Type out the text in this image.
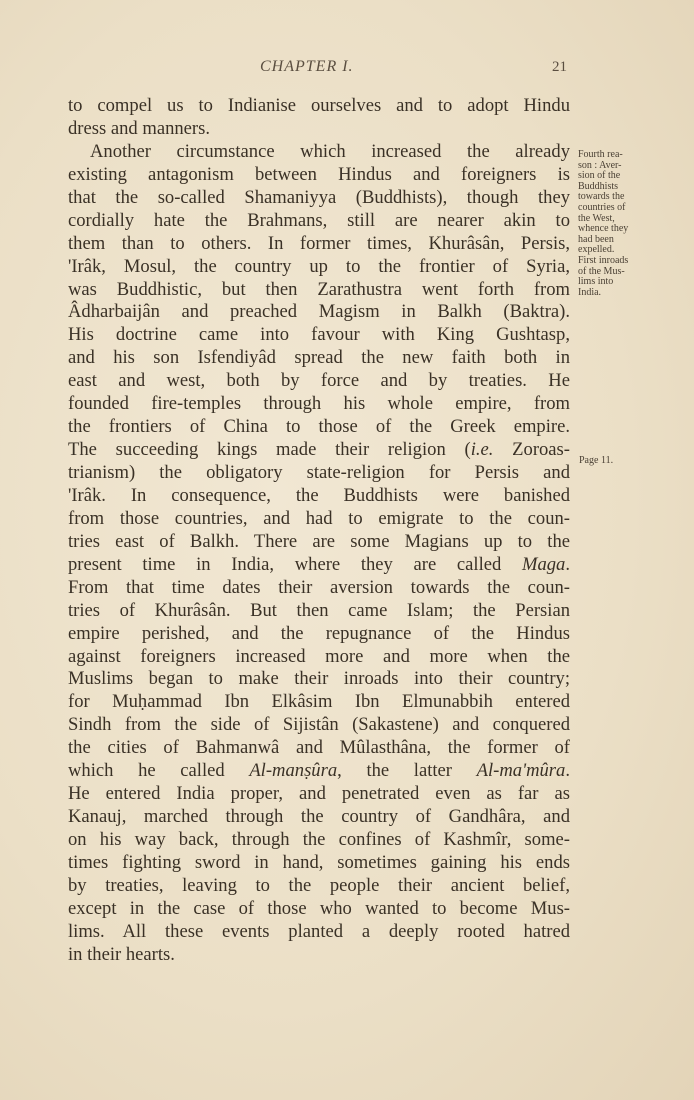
CHAPTER I.	21
to compel us to Indianise ourselves and to adopt Hindu
dress and manners.
Another circumstance which increased the already
existing antagonism between Hindus and foreigners is
that the so-called Shamaniyya (Buddhists), though they
cordially hate the Brahmans, still are nearer akin to
them than to others. In former times, Khurâsân, Persis,
'Irâk, Mosul, the country up to the frontier of Syria,
was Buddhistic, but then Zarathustra went forth from
Âdharbaijân and preached Magism in Balkh (Baktra).
His doctrine came into favour with King Gushtasp,
and his son Isfendiyâd spread the new faith both in
east and west, both by force and by treaties. He
founded fire-temples through his whole empire, from
the frontiers of China to those of the Greek empire.
The succeeding kings made their religion (i.e. Zoroas-
trianism) the obligatory state-religion for Persis and
'Irâk. In consequence, the Buddhists were banished
from those countries, and had to emigrate to the coun-
tries east of Balkh. There are some Magians up to the
present time in India, where they are called Maga.
From that time dates their aversion towards the coun-
tries of Khurâsân. But then came Islam; the Persian
empire perished, and the repugnance of the Hindus
against foreigners increased more and more when the
Muslims began to make their inroads into their country;
for Muḥammad Ibn Elkâsim Ibn Elmunabbih entered
Sindh from the side of Sijistân (Sakastene) and conquered
the cities of Bahmanwâ and Mûlasthâna, the former of
which he called Al-manṣûra, the latter Al-ma'mûra.
He entered India proper, and penetrated even as far as
Kanauj, marched through the country of Gandhâra, and
on his way back, through the confines of Kashmîr, some-
times fighting sword in hand, sometimes gaining his ends
by treaties, leaving to the people their ancient belief,
except in the case of those who wanted to become Mus-
lims. All these events planted a deeply rooted hatred
in their hearts.
Fourth rea-
son : Aver-
sion of the
Buddhists
towards the
countries of
the West,
whence they
had been
expelled.
First inroads
of the Mus-
lims into
India.
Page 11.
